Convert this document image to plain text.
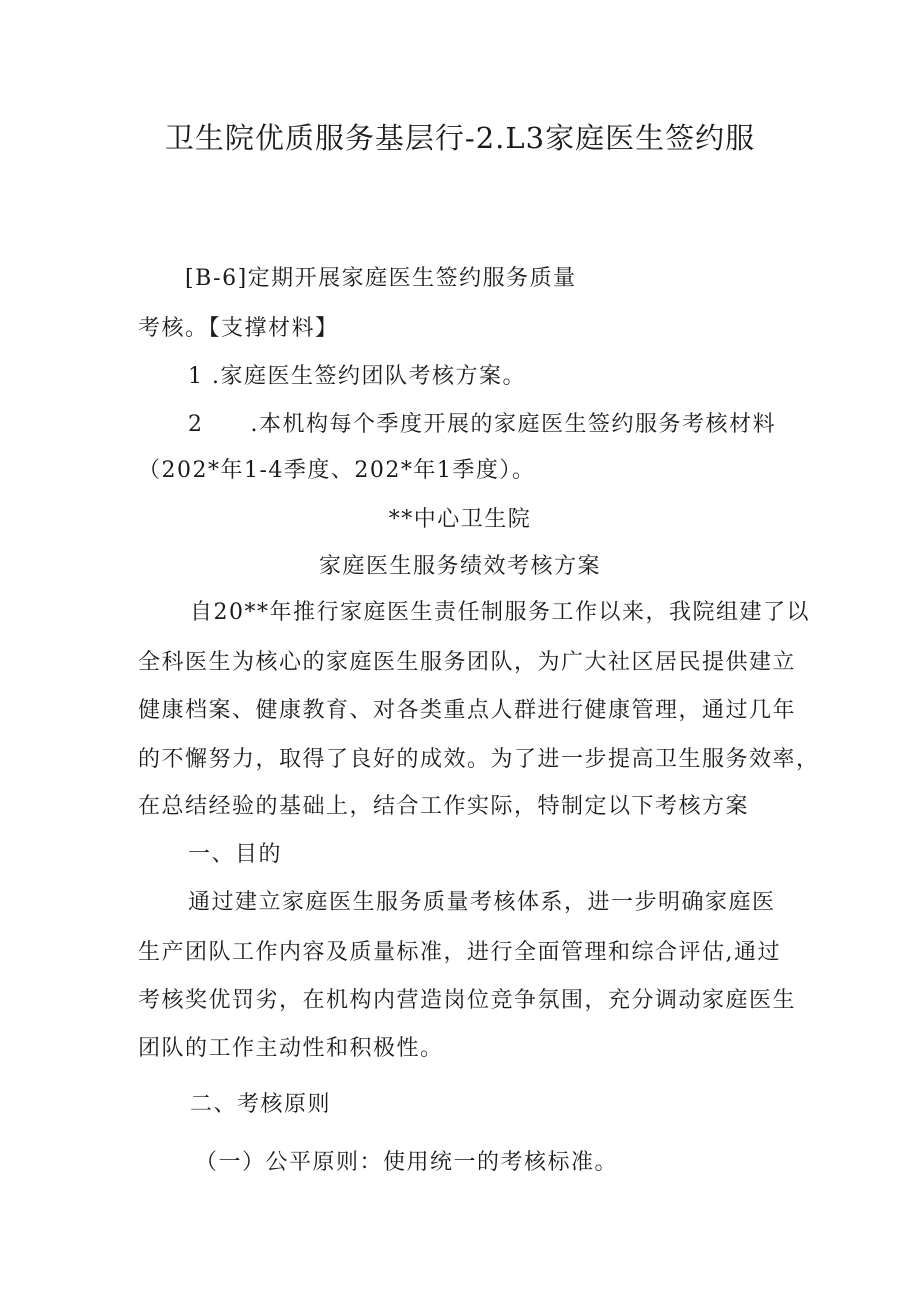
卫生院优质服务基层行-2.L3家庭医生签约服
[B-6]定期开展家庭医生签约服务质量
考核。【支撑材料】
1 .家庭医生签约团队考核方案。
2　　.本机构每个季度开展的家庭医生签约服务考核材料
（202*年1-4季度、202*年1季度）。
**中心卫生院
家庭医生服务绩效考核方案
自20**年推行家庭医生责任制服务工作以来，我院组建了以
全科医生为核心的家庭医生服务团队，为广大社区居民提供建立
健康档案、健康教育、对各类重点人群进行健康管理，通过几年
的不懈努力，取得了良好的成效。为了进一步提高卫生服务效率，
在总结经验的基础上，结合工作实际，特制定以下考核方案
一、目的
通过建立家庭医生服务质量考核体系，进一步明确家庭医
生产团队工作内容及质量标准，进行全面管理和综合评估,通过
考核奖优罚劣，在机构内营造岗位竞争氛围，充分调动家庭医生
团队的工作主动性和积极性。
二、考核原则
（一）公平原则：使用统一的考核标准。
